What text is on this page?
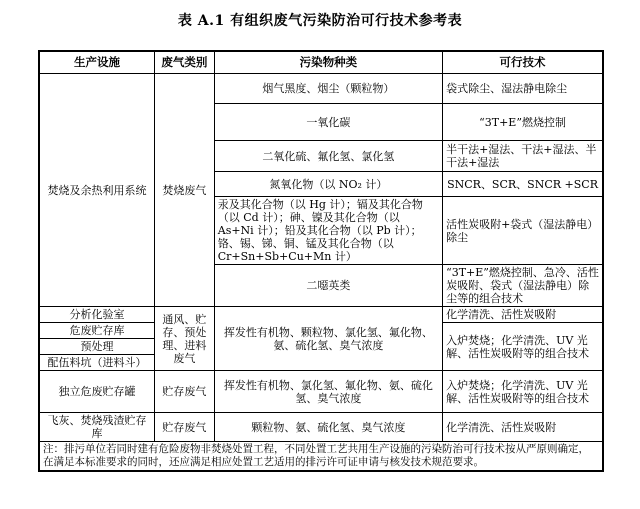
表 A.1 有组织废气污染防治可行技术参考表
生产设施	废气类别	污染物种类	可行技术
焚烧及余热利用系统	焚烧废气	烟气黑度、烟尘（颗粒物）	袋式除尘、湿法静电除尘
		一氧化碳	“3T+E”燃烧控制
		二氧化硫、氟化氢、氯化氢	半干法+湿法、干法+湿法、半干法+湿法
		氮氧化物（以 NO₂ 计）	SNCR、SCR、SNCR +SCR
		汞及其化合物（以 Hg 计）；镉及其化合物（以 Cd 计）；砷、镍及其化合物（以 As+Ni 计）；铅及其化合物（以 Pb 计）；铬、锡、锑、铜、锰及其化合物（以 Cr+Sn+Sb+Cu+Mn 计）	活性炭吸附+袋式（湿法静电）除尘
		二噁英类	“3T+E”燃烧控制、急冷、活性炭吸附、袋式（湿法静电）除尘等的组合技术
分析化验室	通风、贮存、预处理、进料废气	挥发性有机物、颗粒物、氯化氢、氟化物、氨、硫化氢、臭气浓度	化学清洗、活性炭吸附
危废贮存库			入炉焚烧；化学清洗、UV 光解、活性炭吸附等的组合技术
预处理			
配伍料坑（进料斗）			
独立危废贮存罐	贮存废气	挥发性有机物、氯化氢、氟化物、氨、硫化氢、臭气浓度	入炉焚烧；化学清洗、UV 光解、活性炭吸附等的组合技术
飞灰、焚烧残渣贮存库	贮存废气	颗粒物、氨、硫化氢、臭气浓度	化学清洗、活性炭吸附
注：排污单位若同时建有危险废物非焚烧处置工程，不同处置工艺共用生产设施的污染防治可行技术按从严原则确定，在满足本标准要求的同时，还应满足相应处置工艺适用的排污许可证申请与核发技术规范要求。			
